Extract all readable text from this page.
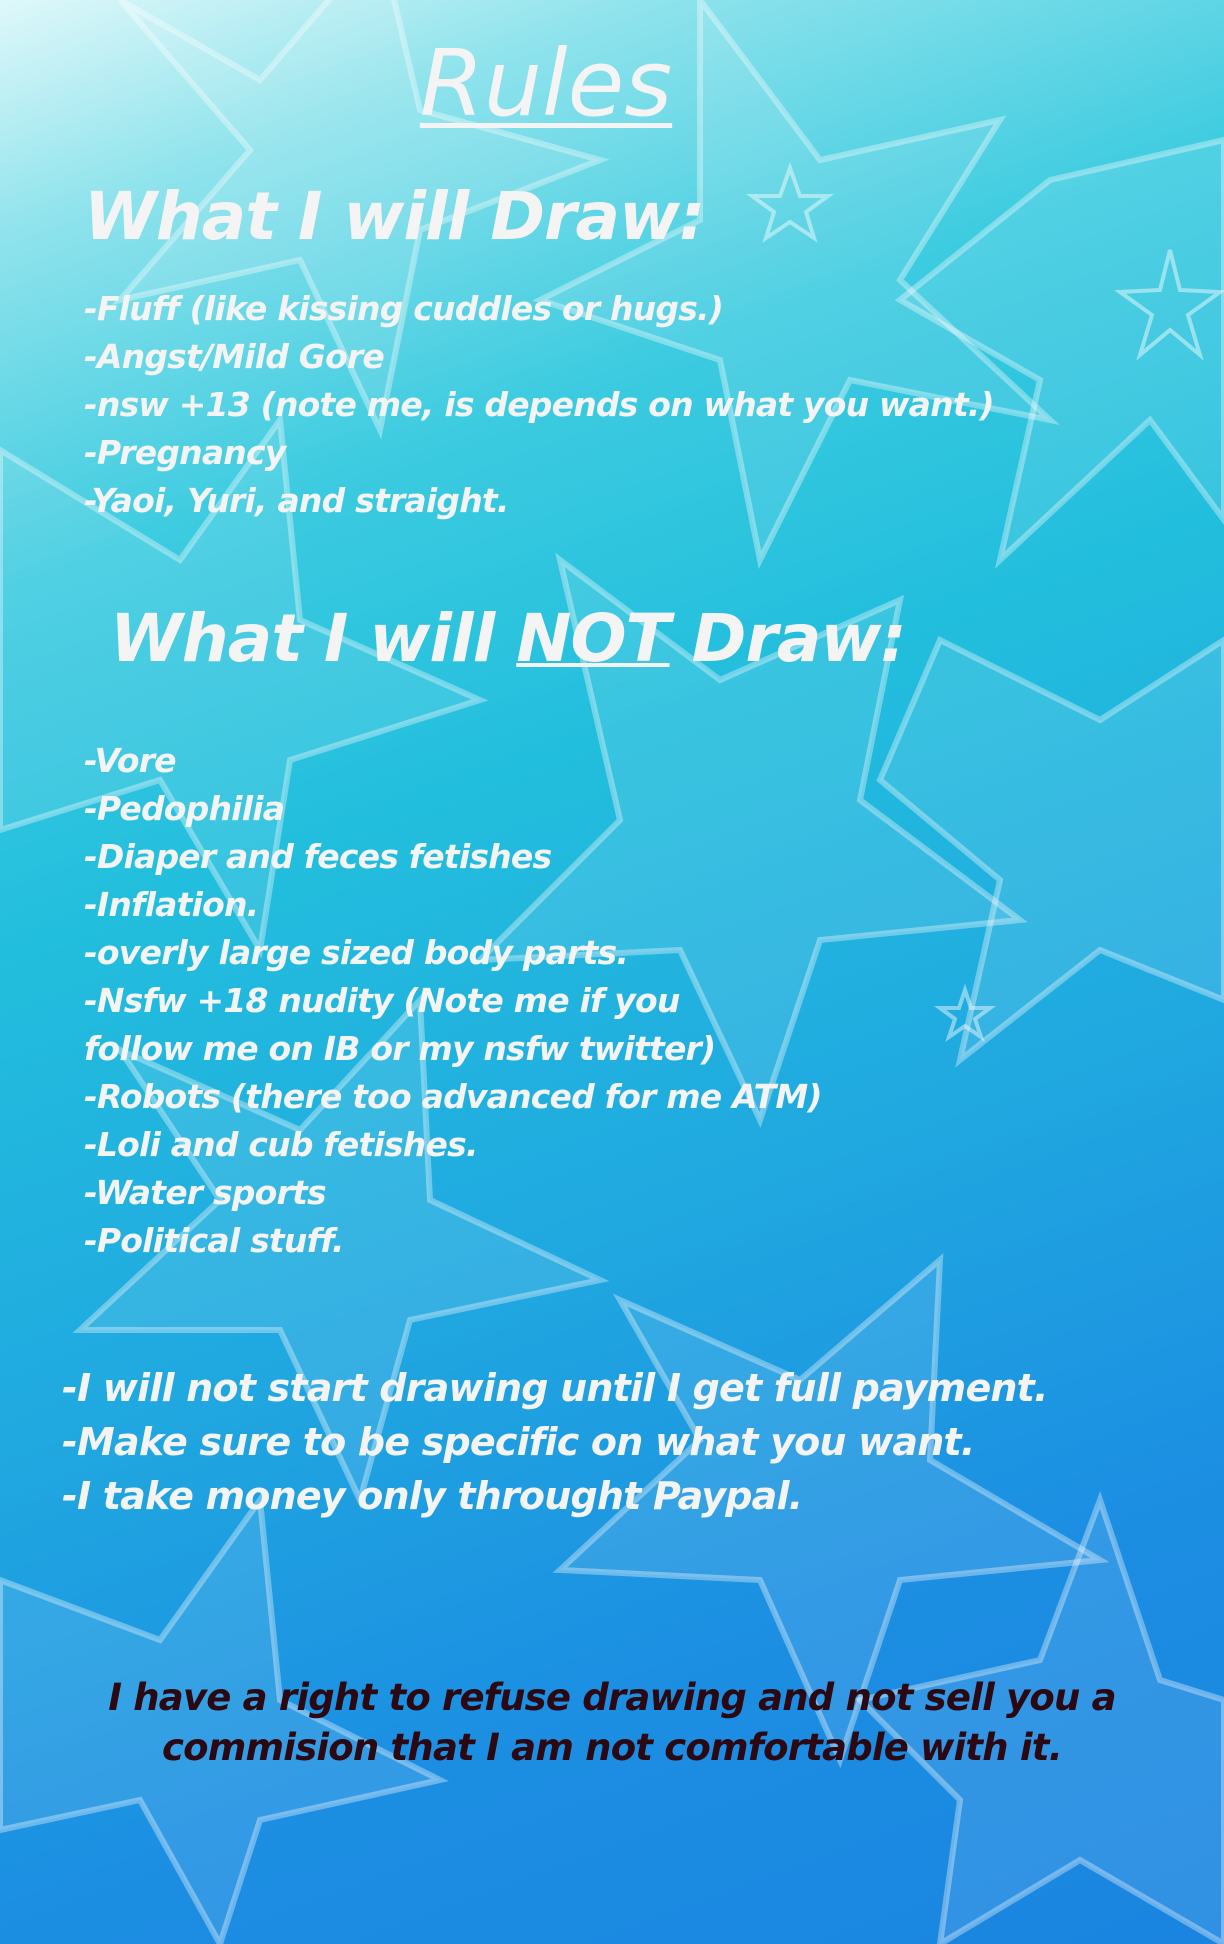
Rules
What I will Draw:
-Fluff (like kissing cuddles or hugs.)
-Angst/Mild Gore
-nsw +13 (note me, is depends on what you want.)
-Pregnancy
-Yaoi, Yuri, and straight.
What I will NOT Draw:
-Vore
-Pedophilia
-Diaper and feces fetishes
-Inflation.
-overly large sized body parts.
-Nsfw +18 nudity (Note me if you
follow me on IB or my nsfw twitter)
-Robots (there too advanced for me ATM)
-Loli and cub fetishes.
-Water sports
-Political stuff.
-I will not start drawing until I get full payment.
-Make sure to be specific on what you want.
-I take money only throught Paypal.
I have a right to refuse drawing and not sell you a
commision that I am not comfortable with it.
